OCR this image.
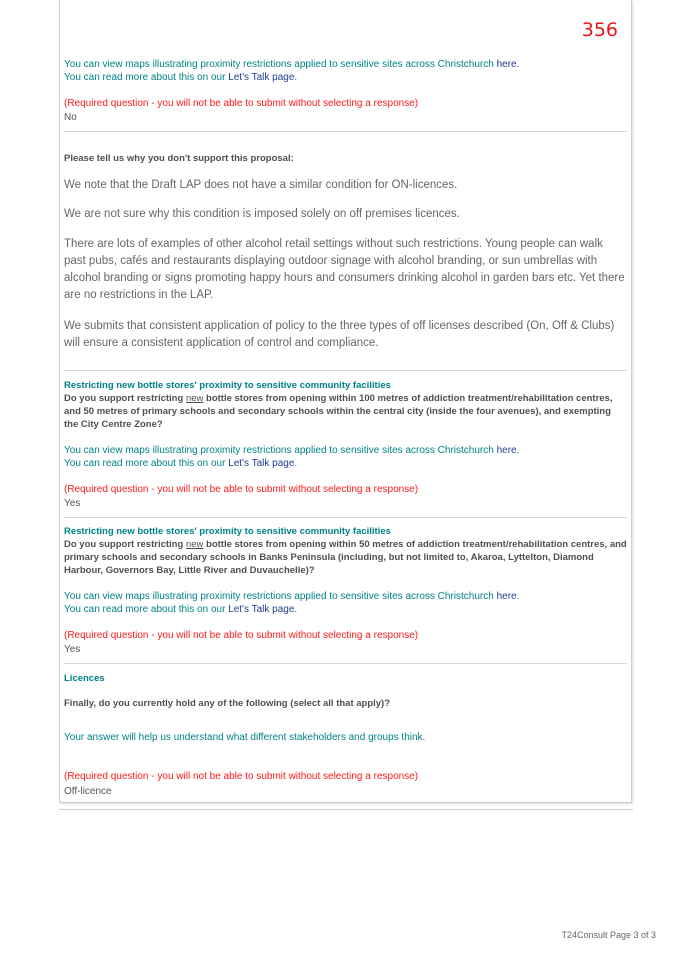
356
You can view maps illustrating proximity restrictions applied to sensitive sites across Christchurch here.
You can read more about this on our Let's Talk page.
(Required question - you will not be able to submit without selecting a response)
No
Please tell us why you don't support this proposal:
We note that the Draft LAP does not have a similar condition for ON-licences.
We are not sure why this condition is imposed solely on off premises licences.
There are lots of examples of other alcohol retail settings without such restrictions. Young people can walk past pubs, cafés and restaurants displaying outdoor signage with alcohol branding, or sun umbrellas with alcohol branding or signs promoting happy hours and consumers drinking alcohol in garden bars etc. Yet there are no restrictions in the LAP.
We submits that consistent application of policy to the three types of off licenses described (On, Off & Clubs) will ensure a consistent application of control and compliance.
Restricting new bottle stores' proximity to sensitive community facilities
Do you support restricting new bottle stores from opening within 100 metres of addiction treatment/rehabilitation centres, and 50 metres of primary schools and secondary schools within the central city (inside the four avenues), and exempting the City Centre Zone?
You can view maps illustrating proximity restrictions applied to sensitive sites across Christchurch here.
You can read more about this on our Let's Talk page.
(Required question - you will not be able to submit without selecting a response)
Yes
Restricting new bottle stores' proximity to sensitive community facilities
Do you support restricting new bottle stores from opening within 50 metres of addiction treatment/rehabilitation centres, and primary schools and secondary schools in Banks Peninsula (including, but not limited to, Akaroa, Lyttelton, Diamond Harbour, Governors Bay, Little River and Duvauchelle)?
You can view maps illustrating proximity restrictions applied to sensitive sites across Christchurch here.
You can read more about this on our Let's Talk page.
(Required question - you will not be able to submit without selecting a response)
Yes
Licences
Finally, do you currently hold any of the following (select all that apply)?
Your answer will help us understand what different stakeholders and groups think.
(Required question - you will not be able to submit without selecting a response)
Off-licence
T24Consult Page 3 of 3
